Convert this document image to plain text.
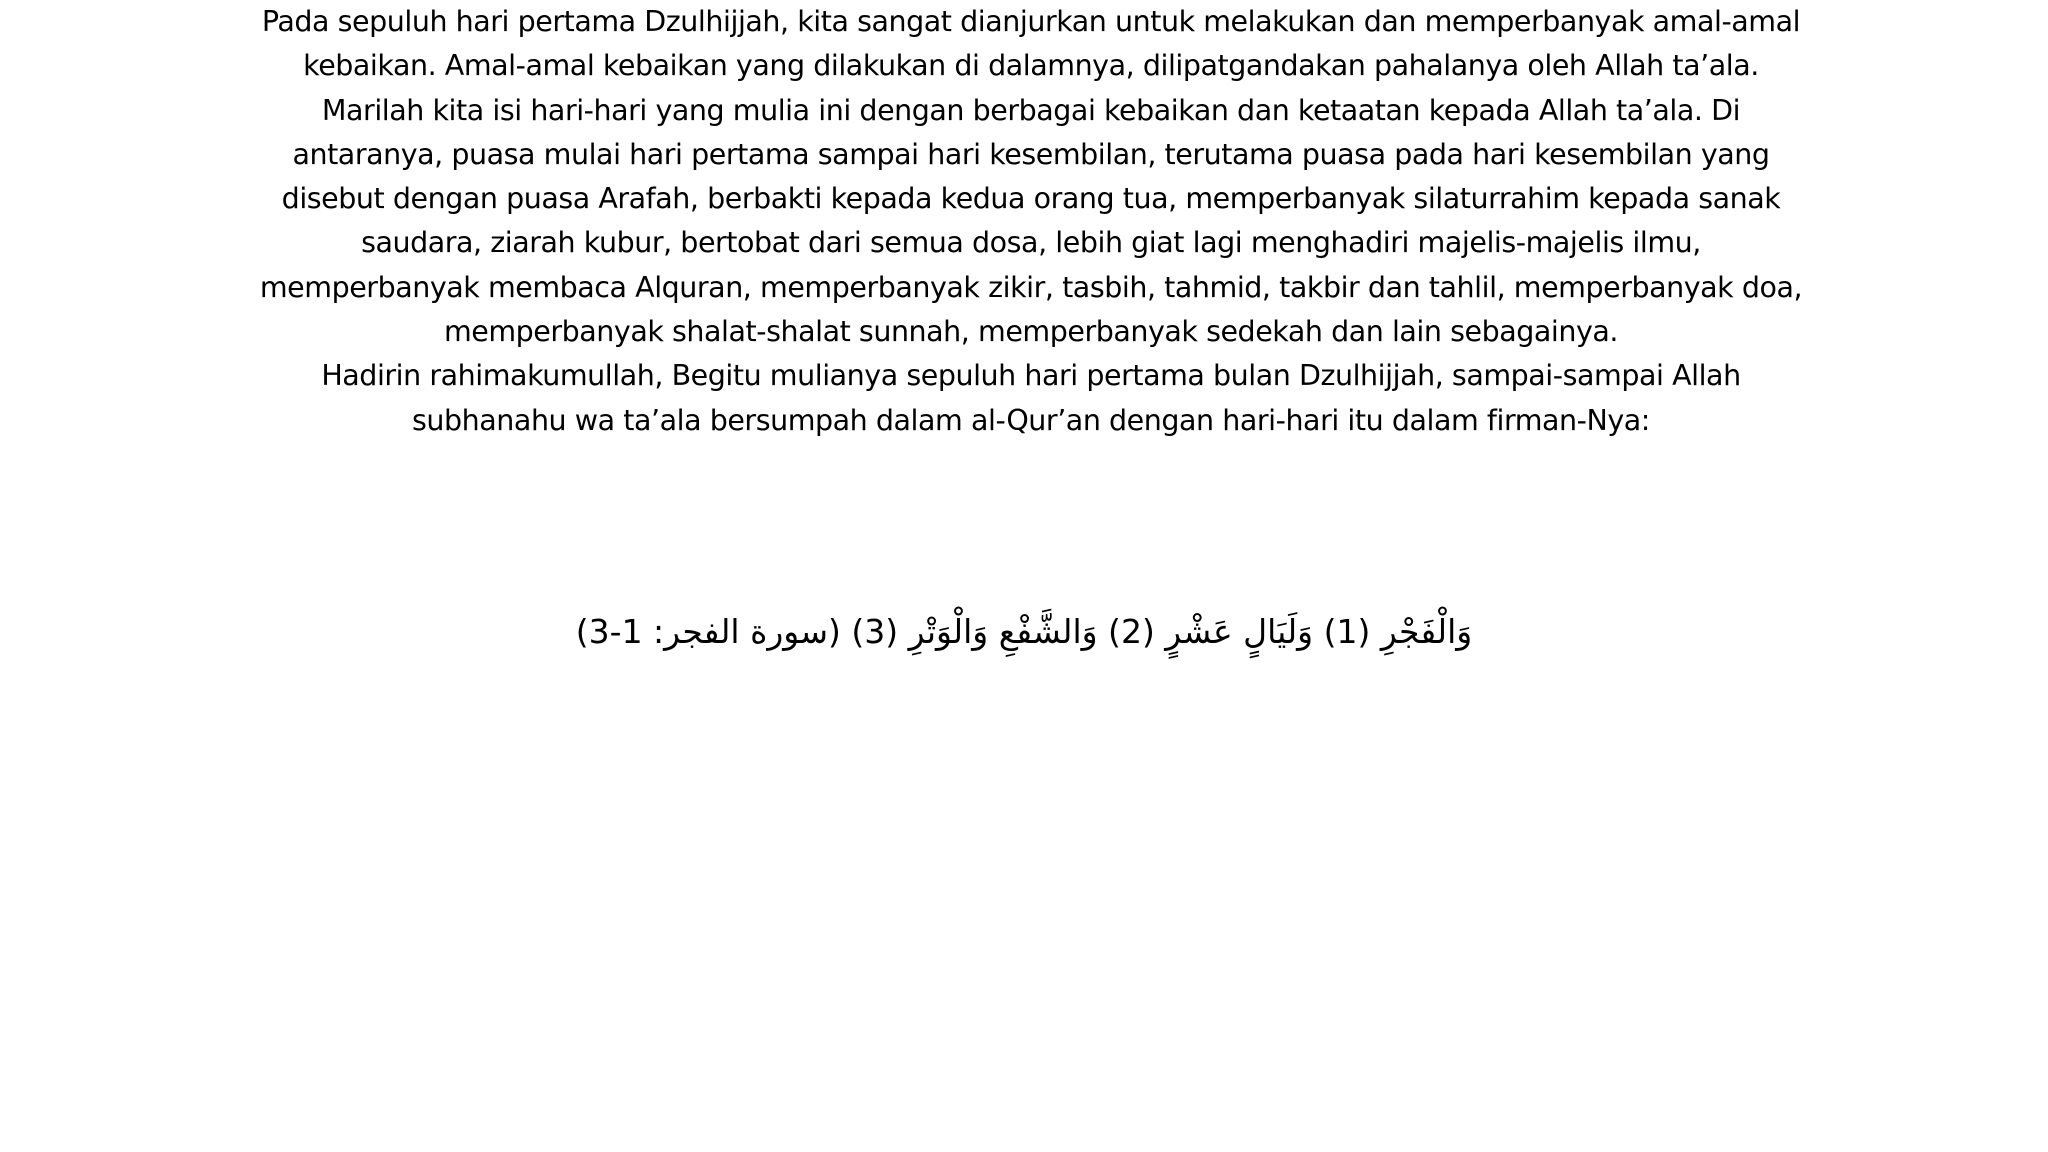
Pada sepuluh hari pertama Dzulhijjah, kita sangat dianjurkan untuk melakukan dan memperbanyak amal-amal kebaikan. Amal-amal kebaikan yang dilakukan di dalamnya, dilipatgandakan pahalanya oleh Allah ta’ala. Marilah kita isi hari-hari yang mulia ini dengan berbagai kebaikan dan ketaatan kepada Allah ta’ala. Di antaranya, puasa mulai hari pertama sampai hari kesembilan, terutama puasa pada hari kesembilan yang disebut dengan puasa Arafah, berbakti kepada kedua orang tua, memperbanyak silaturrahim kepada sanak saudara, ziarah kubur, bertobat dari semua dosa, lebih giat lagi menghadiri majelis-majelis ilmu, memperbanyak membaca Alquran, memperbanyak zikir, tasbih, tahmid, takbir dan tahlil, memperbanyak doa, memperbanyak shalat-shalat sunnah, memperbanyak sedekah dan lain sebagainya.

Hadirin rahimakumullah, Begitu mulianya sepuluh hari pertama bulan Dzulhijjah, sampai-sampai Allah subhanahu wa ta’ala bersumpah dalam al-Qur’an dengan hari-hari itu dalam firman-Nya:

وَالْفَجْرِ (1) وَلَيَالٍ عَشْرٍ (2) وَالشَّفْعِ وَالْوَتْرِ (3) (سورة الفجر: 1-3)
